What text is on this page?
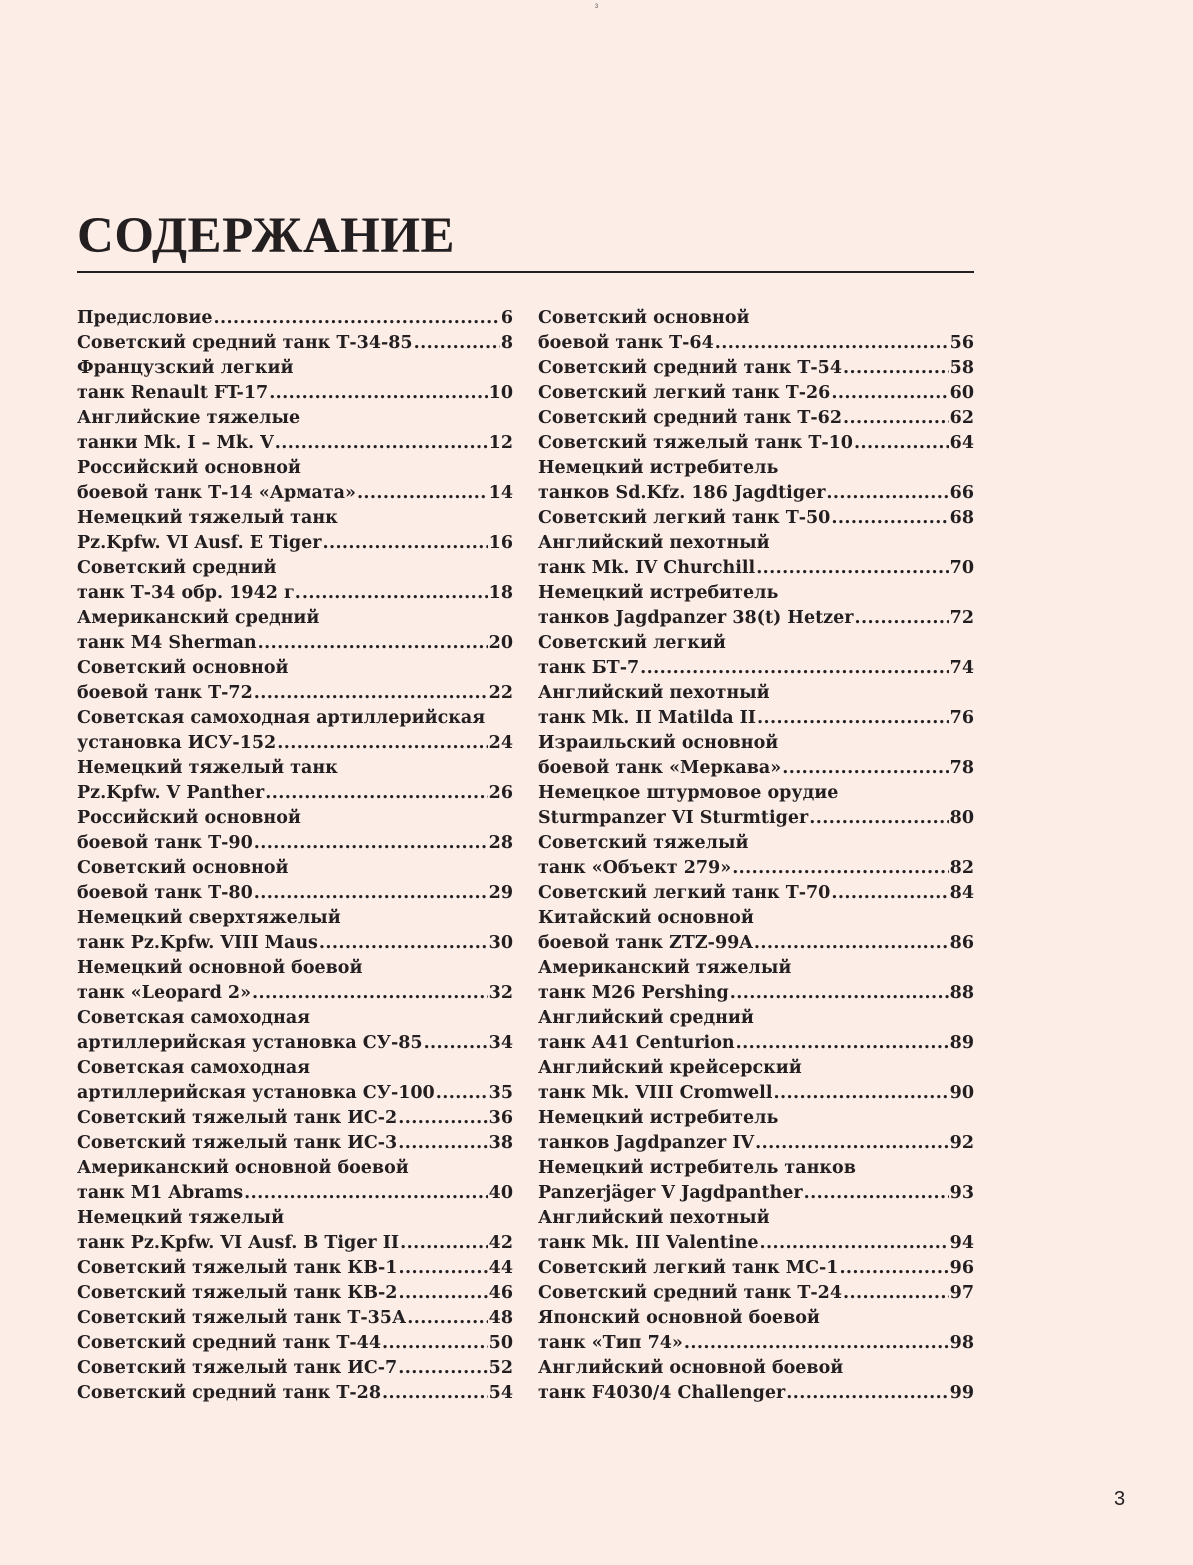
3
СОДЕРЖАНИЕ
Предисловие .....	6
Советский средний танк Т-34-85 .....	8
Французский легкий
танк Renault FT-17 .....	10
Английские тяжелые
танки Mk. I – Mk. V .....	12
Российский основной
боевой танк Т-14 «Армата» .....	14
Немецкий тяжелый танк
Pz.Kpfw. VI Ausf. E Tiger .....	16
Советский средний
танк Т-34 обр. 1942 г. .....	18
Американский средний
танк M4 Sherman .....	20
Советский основной
боевой танк Т-72 .....	22
Советская самоходная артиллерийская
установка ИСУ-152 .....	24
Немецкий тяжелый танк
Pz.Kpfw. V Panther .....	26
Российский основной
боевой танк Т-90 .....	28
Советский основной
боевой танк Т-80 .....	29
Немецкий сверхтяжелый
танк Pz.Kpfw. VIII Maus .....	30
Немецкий основной боевой
танк «Leopard 2» .....	32
Советская самоходная
артиллерийская установка СУ-85 .....	34
Советская самоходная
артиллерийская установка СУ-100 .....	35
Советский тяжелый танк ИС-2 .....	36
Советский тяжелый танк ИС-3 .....	38
Американский основной боевой
танк M1 Abrams .....	40
Немецкий тяжелый
танк Pz.Kpfw. VI Ausf. B Tiger II .....	42
Советский тяжелый танк КВ-1 .....	44
Советский тяжелый танк КВ-2 .....	46
Советский тяжелый танк Т-35А .....	48
Советский средний танк Т-44 .....	50
Советский тяжелый танк ИС-7 .....	52
Советский средний танк Т-28 .....	54
Советский основной
боевой танк Т-64 .....	56
Советский средний танк Т-54 .....	58
Советский легкий танк Т-26 .....	60
Советский средний танк Т-62 .....	62
Советский тяжелый танк Т-10 .....	64
Немецкий истребитель
танков Sd.Kfz. 186 Jagdtiger .....	66
Советский легкий танк Т-50 .....	68
Английский пехотный
танк Mk. IV Churchill .....	70
Немецкий истребитель
танков Jagdpanzer 38(t) Hetzer .....	72
Советский легкий
танк БТ-7 .....	74
Английский пехотный
танк Mk. II Matilda II .....	76
Израильский основной
боевой танк «Меркава» .....	78
Немецкое штурмовое орудие
Sturmpanzer VI Sturmtiger .....	80
Советский тяжелый
танк «Объект 279» .....	82
Советский легкий танк Т-70 .....	84
Китайский основной
боевой танк ZTZ-99A .....	86
Американский тяжелый
танк M26 Pershing .....	88
Английский средний
танк A41 Centurion .....	89
Английский крейсерский
танк Mk. VIII Cromwell .....	90
Немецкий истребитель
танков Jagdpanzer IV .....	92
Немецкий истребитель танков
Panzerjäger V Jagdpanther .....	93
Английский пехотный
танк Mk. III Valentine .....	94
Советский легкий танк МС-1 .....	96
Советский средний танк Т-24 .....	97
Японский основной боевой
танк «Тип 74» .....	98
Английский основной боевой
танк F4030/4 Challenger .....	99
3
